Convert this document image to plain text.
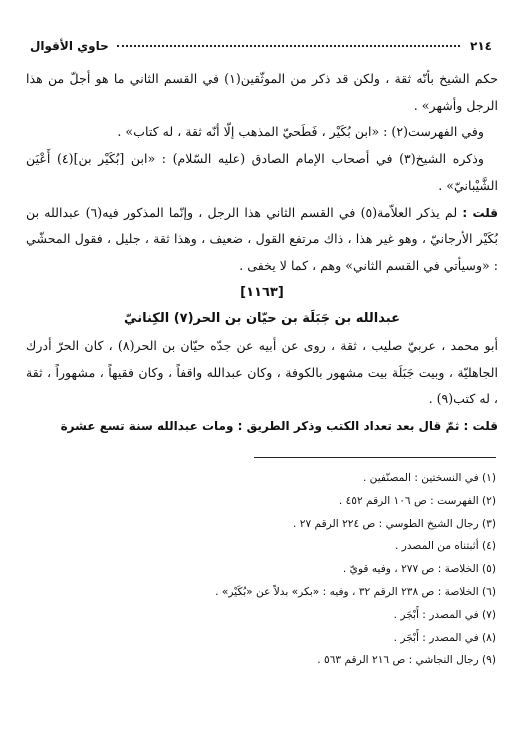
٢١٤
حاوي الأقوال

حكم الشيخ بأنّه ثقة ، ولكن قد ذكر من الموثّقين(١) في القسم الثاني ما هو أجلّ من هذا الرجل وأشهر» .

وفي الفهرست(٢) : «ابن بُكَيْر ، فَطَحيّ المذهب إلّا أنّه ثقة ، له كتاب» .

وذكره الشيخ(٣) في أصحاب الإمام الصادق (عليه السّلام) : «ابن [بُكَيْر بن](٤) أَعْيَن الشَّيْبانيّ» .

قلت : لم يذكر العلاّمة(٥) في القسم الثاني هذا الرجل ، وإنّما المذكور فيه(٦) عبدالله بن بُكَيْر الأرجانيّ ، وهو غير هذا ، ذاك مرتفع القول ، ضعيف ، وهذا ثقة ، جليل ، فقول المحشّي : «وسيأتي في القسم الثاني» وهم ، كما لا يخفى .

[١١٦٣]

عبدالله بن جَبَلَة بن حيّان بن الحر(٧) الكِنانيّ

أبو محمد ، عربيّ صليب ، ثقة ، روى عن أبيه عن جدّه حيّان بن الحر(٨) ، كان الحرّ أدرك الجاهليّة ، وبيت جَبَلَة بيت مشهور بالكوفة ، وكان عبدالله واقفاً ، وكان فقيهاً ، مشهوراً ، ثقة ، له كتب(٩) .

قلت : ثمّ قال بعد تعداد الكتب وذكر الطريق : ومات عبدالله سنة تسع عشرة

(١) في النسختين : المصنّفين .

(٢) الفهرست : ص ١٠٦ الرقم ٤٥٢ .

(٣) رجال الشيخ الطوسي : ص ٢٢٤ الرقم ٢٧ .

(٤) أثبتناه من المصدر .

(٥) الخلاصة : ص ٢٧٧ ، وفيه قويّ .

(٦) الخلاصة : ص ٢٣٨ الرقم ٣٢ ، وفيه : «بكر» بدلاً عن «بُكَيْر» .

(٧) في المصدر : أَبْجَر .

(٨) في المصدر : أَبْجَر .

(٩) رجال النجاشي : ص ٢١٦ الرقم ٥٦٣ .
